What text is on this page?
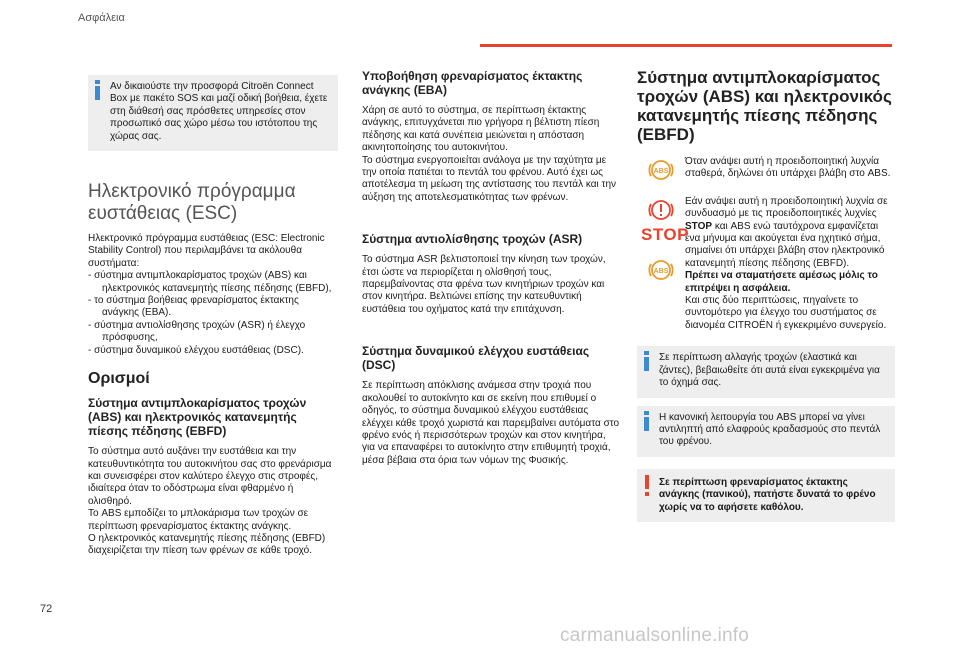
Ασφάλεια

Αν δικαιούστε την προσφορά Citroën Connect Box με πακέτο SOS και μαζί οδική βοήθεια, έχετε στη διάθεσή σας πρόσθετες υπηρεσίες στον προσωπικό σας χώρο μέσω του ιστότοπου της χώρας σας.

Ηλεκτρονικό πρόγραμμα ευστάθειας (ESC)

Ηλεκτρονικό πρόγραμμα ευστάθειας (ESC: Electronic Stability Control) που περιλαμβάνει τα ακόλουθα συστήματα:

- σύστημα αντιμπλοκαρίσματος τροχών (ABS) και ηλεκτρονικός κατανεμητής πίεσης πέδησης (EBFD),
- το σύστημα βοήθειας φρεναρίσματος έκτακτης ανάγκης (EBA).
- σύστημα αντιολίσθησης τροχών (ASR) ή έλεγχο πρόσφυσης,
- σύστημα δυναμικού ελέγχου ευστάθειας (DSC).
Ορισμοί
Σύστημα αντιμπλοκαρίσματος τροχών (ABS) και ηλεκτρονικός κατανεμητής πίεσης πέδησης (EBFD)

Το σύστημα αυτό αυξάνει την ευστάθεια και την κατευθυντικότητα του αυτοκινήτου σας στο φρενάρισμα και συνεισφέρει στον καλύτερο έλεγχο στις στροφές, ιδιαίτερα όταν το οδόστρωμα είναι φθαρμένο ή ολισθηρό.

Το ABS εμποδίζει το μπλοκάρισμα των τροχών σε περίπτωση φρεναρίσματος έκτακτης ανάγκης.

Ο ηλεκτρονικός κατανεμητής πίεσης πέδησης (EBFD) διαχειρίζεται την πίεση των φρένων σε κάθε τροχό.

Υποβοήθηση φρεναρίσματος έκτακτης ανάγκης (EBA)

Χάρη σε αυτό το σύστημα, σε περίπτωση έκτακτης ανάγκης, επιτυγχάνεται πιο γρήγορα η βέλτιστη πίεση πέδησης και κατά συνέπεια μειώνεται η απόσταση ακινητοποίησης του αυτοκινήτου.

Το σύστημα ενεργοποιείται ανάλογα με την ταχύτητα με την οποία πατιέται το πεντάλ του φρένου. Αυτό έχει ως αποτέλεσμα τη μείωση της αντίστασης του πεντάλ και την αύξηση της αποτελεσματικότητας των φρένων.

Σύστημα αντιολίσθησης τροχών (ASR)

Το σύστημα ASR βελτιστοποιεί την κίνηση των τροχών, έτσι ώστε να περιορίζεται η ολίσθησή τους, παρεμβαίνοντας στα φρένα των κινητήριων τροχών και στον κινητήρα. Βελτιώνει επίσης την κατευθυντική ευστάθεια του οχήματος κατά την επιτάχυνση.

Σύστημα δυναμικού ελέγχου ευστάθειας (DSC)

Σε περίπτωση απόκλισης ανάμεσα στην τροχιά που ακολουθεί το αυτοκίνητο και σε εκείνη που επιθυμεί ο οδηγός, το σύστημα δυναμικού ελέγχου ευστάθειας ελέγχει κάθε τροχό χωριστά και παρεμβαίνει αυτόματα στο φρένο ενός ή περισσότερων τροχών και στον κινητήρα, για να επαναφέρει το αυτοκίνητο στην επιθυμητή τροχιά, μέσα βέβαια στα όρια των νόμων της Φυσικής.

Σύστημα αντιμπλοκαρίσματος τροχών (ABS) και ηλεκτρονικός κατανεμητής πίεσης πέδησης (EBFD)
ABS

Όταν ανάψει αυτή η προειδοποιητική λυχνία σταθερά, δηλώνει ότι υπάρχει βλάβη στο ABS.

STOP
ABS

Εάν ανάψει αυτή η προειδοποιητική λυχνία σε συνδυασμό με τις προειδοποιητικές λυχνίες STOP και ABS ενώ ταυτόχρονα εμφανίζεται ένα μήνυμα και ακούγεται ένα ηχητικό σήμα, σημαίνει ότι υπάρχει βλάβη στον ηλεκτρονικό κατανεμητή πίεσης πέδησης (EBFD).

Πρέπει να σταματήσετε αμέσως μόλις το επιτρέψει η ασφάλεια.

Και στις δύο περιπτώσεις, πηγαίνετε το συντομότερο για έλεγχο του συστήματος σε διανομέα CITROËN ή εγκεκριμένο συνεργείο.

Σε περίπτωση αλλαγής τροχών (ελαστικά και ζάντες), βεβαιωθείτε ότι αυτά είναι εγκεκριμένα για το όχημά σας.

Η κανονική λειτουργία του ABS μπορεί να γίνει αντιληπτή από ελαφρούς κραδασμούς στο πεντάλ του φρένου.

Σε περίπτωση φρεναρίσματος έκτακτης ανάγκης (πανικού), πατήστε δυνατά το φρένο χωρίς να το αφήσετε καθόλου.

72
carmanualsonline.info
